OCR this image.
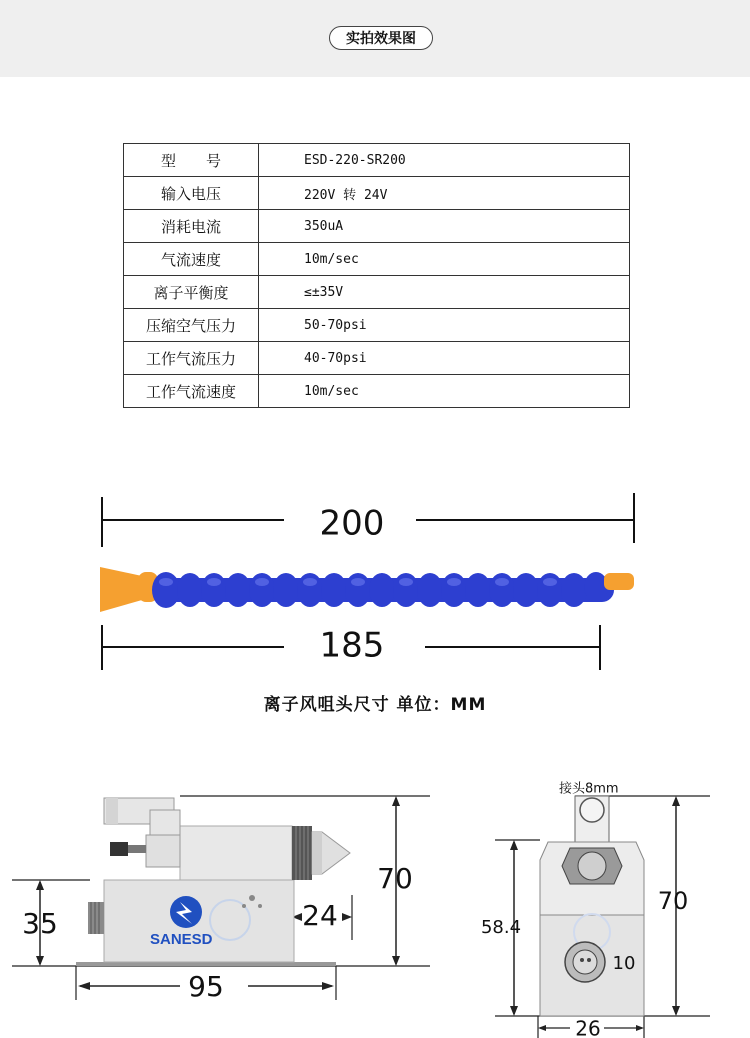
实拍效果图
型　　号	ESD-220-SR200
输入电压	220V 转 24V
消耗电流	350uA
气流速度	10m/sec
离子平衡度	≤±35V
压缩空气压力	50-70psi
工作气流压力	40-70psi
工作气流速度	10m/sec
200
185
SANESD
35
70
24
95
接头8mm
70
58.4
10
26
离子风咀头尺寸 单位：MM
